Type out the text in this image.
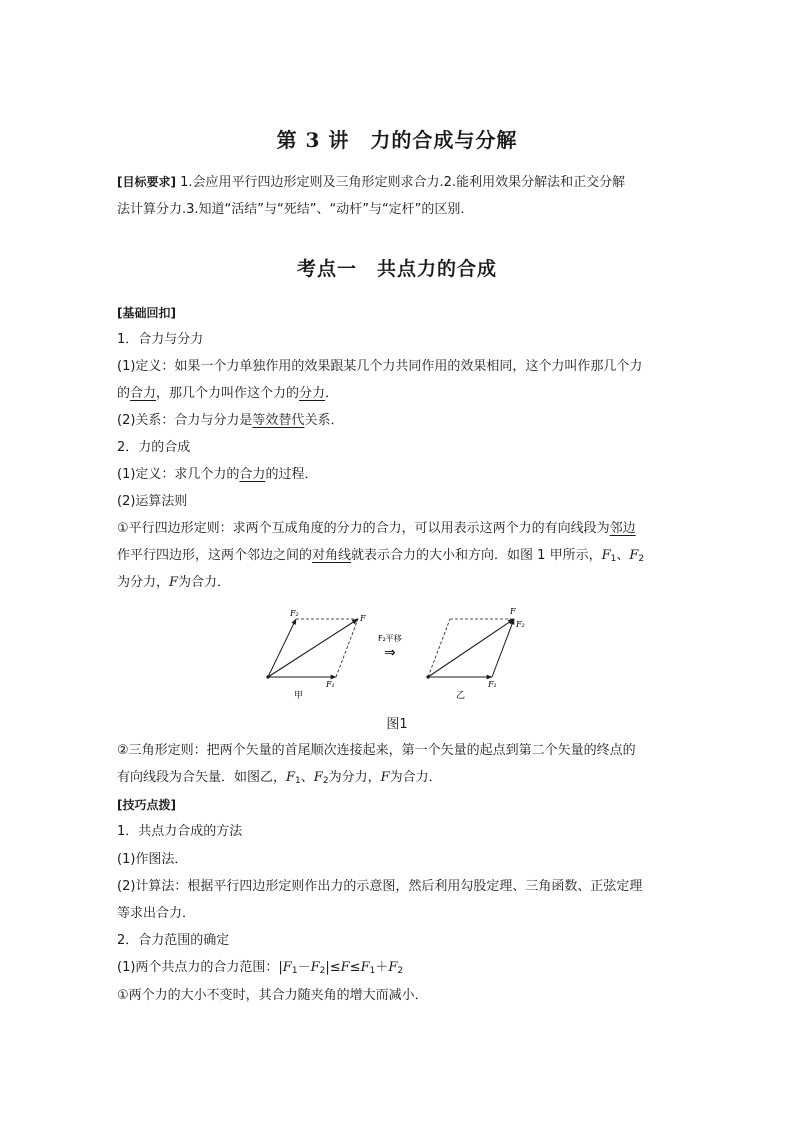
第 3 讲　力的合成与分解
[目标要求] 1.会应用平行四边形定则及三角形定则求合力.2.能利用效果分解法和正交分解
法计算分力.3.知道“活结”与“死结”、“动杆”与“定杆”的区别.
考点一　共点力的合成
[基础回扣]
1．合力与分力
(1)定义：如果一个力单独作用的效果跟某几个力共同作用的效果相同，这个力叫作那几个力
的合力，那几个力叫作这个力的分力．
(2)关系：合力与分力是等效替代关系．
2．力的合成
(1)定义：求几个力的合力的过程．
(2)运算法则
①平行四边形定则：求两个互成角度的分力的合力，可以用表示这两个力的有向线段为邻边
作平行四边形，这两个邻边之间的对角线就表示合力的大小和方向．如图 1 甲所示，$F_1$、$F_2$
为分力，F为合力．
F₂
F
F₁
甲
F₂平移
⇒
F
F₂
F₁
乙
图1
②三角形定则：把两个矢量的首尾顺次连接起来，第一个矢量的起点到第二个矢量的终点的
有向线段为合矢量．如图乙，$F_1$、$F_2$为分力，F为合力．
[技巧点拨]
1．共点力合成的方法
(1)作图法．
(2)计算法：根据平行四边形定则作出力的示意图，然后利用勾股定理、三角函数、正弦定理
等求出合力．
2．合力范围的确定
(1)两个共点力的合力范围：$|F_1-F_2|\le F\le F_1+F_2$
①两个力的大小不变时，其合力随夹角的增大而减小．
